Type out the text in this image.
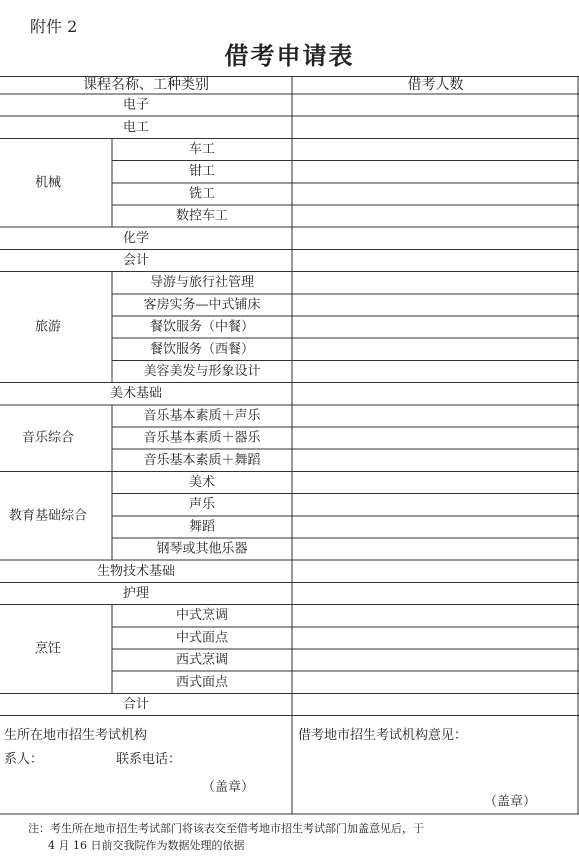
附件 2
借考申请表
课程名称、工种类别	借考人数
电子
电工
机械
车工
钳工
铣工
数控车工
化学
会计
旅游
导游与旅行社管理
客房实务—中式铺床
餐饮服务（中餐）
餐饮服务（西餐）
美容美发与形象设计
美术基础
音乐综合
音乐基本素质＋声乐
音乐基本素质＋器乐
音乐基本素质＋舞蹈
教育基础综合
美术
声乐
舞蹈
钢琴或其他乐器
生物技术基础
护理
烹饪
中式烹调
中式面点
西式烹调
西式面点
合计
生所在地市招生考试机构
系人：	联系电话：
（盖章）
借考地市招生考试机构意见：
（盖章）
注：考生所在地市招生考试部门将该表交至借考地市招生考试部门加盖意见后，于
4 月 16 日前交我院作为数据处理的依据
